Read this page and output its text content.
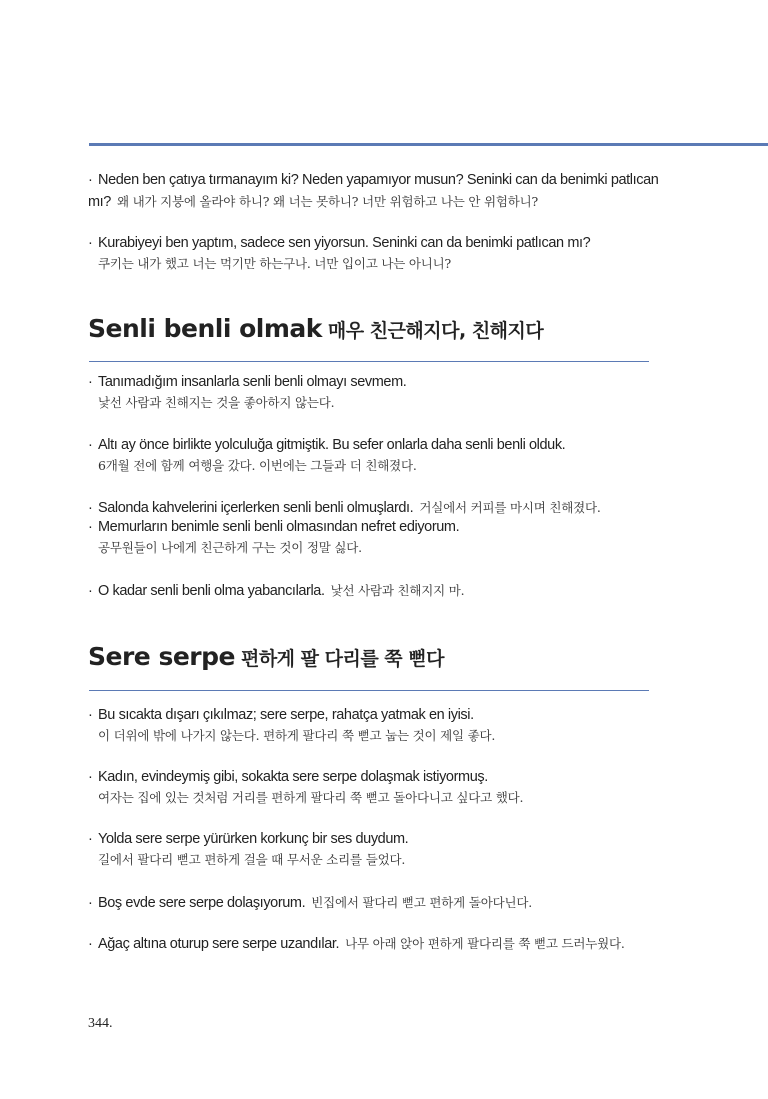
· Neden ben çatıya tırmanayım ki? Neden yapamıyor musun? Seninki can da benimki patlıcan mı? 왜 내가 지붕에 올라야 하니? 왜 너는 못하니? 너만 위험하고 나는 안 위험하니?
· Kurabiyeyi ben yaptım, sadece sen yiyorsun. Seninki can da benimki patlıcan mı?
쿠키는 내가 했고 너는 먹기만 하는구나. 너만 입이고 나는 아니니?
Senli benli olmak 매우 친근해지다, 친해지다
· Tanımadığım insanlarla senli benli olmayı sevmem.
낯선 사람과 친해지는 것을 좋아하지 않는다.
· Altı ay önce birlikte yolculuğa gitmiştik. Bu sefer onlarla daha senli benli olduk.
6개월 전에 함께 여행을 갔다. 이번에는 그들과 더 친해졌다.
· Salonda kahvelerini içerlerken senli benli olmuşlardı. 거실에서 커피를 마시며 친해졌다.
· Memurların benimle senli benli olmasından nefret ediyorum.
공무원들이 나에게 친근하게 구는 것이 정말 싫다.
· O kadar senli benli olma yabancılarla. 낯선 사람과 친해지지 마.
Sere serpe 편하게 팔 다리를 쭉 뻗다
· Bu sıcakta dışarı çıkılmaz; sere serpe, rahatça yatmak en iyisi.
이 더위에 밖에 나가지 않는다. 편하게 팔다리 쭉 뻗고 눕는 것이 제일 좋다.
· Kadın, evindeymiş gibi, sokakta sere serpe dolaşmak istiyormuş.
여자는 집에 있는 것처럼 거리를 편하게 팔다리 쭉 뻗고 돌아다니고 싶다고 했다.
· Yolda sere serpe yürürken korkunç bir ses duydum.
길에서 팔다리 뻗고 편하게 걸을 때 무서운 소리를 들었다.
· Boş evde sere serpe dolaşıyorum. 빈집에서 팔다리 뻗고 편하게 돌아다닌다.
· Ağaç altına oturup sere serpe uzandılar. 나무 아래 앉아 편하게 팔다리를 쭉 뻗고 드러누웠다.
344.
